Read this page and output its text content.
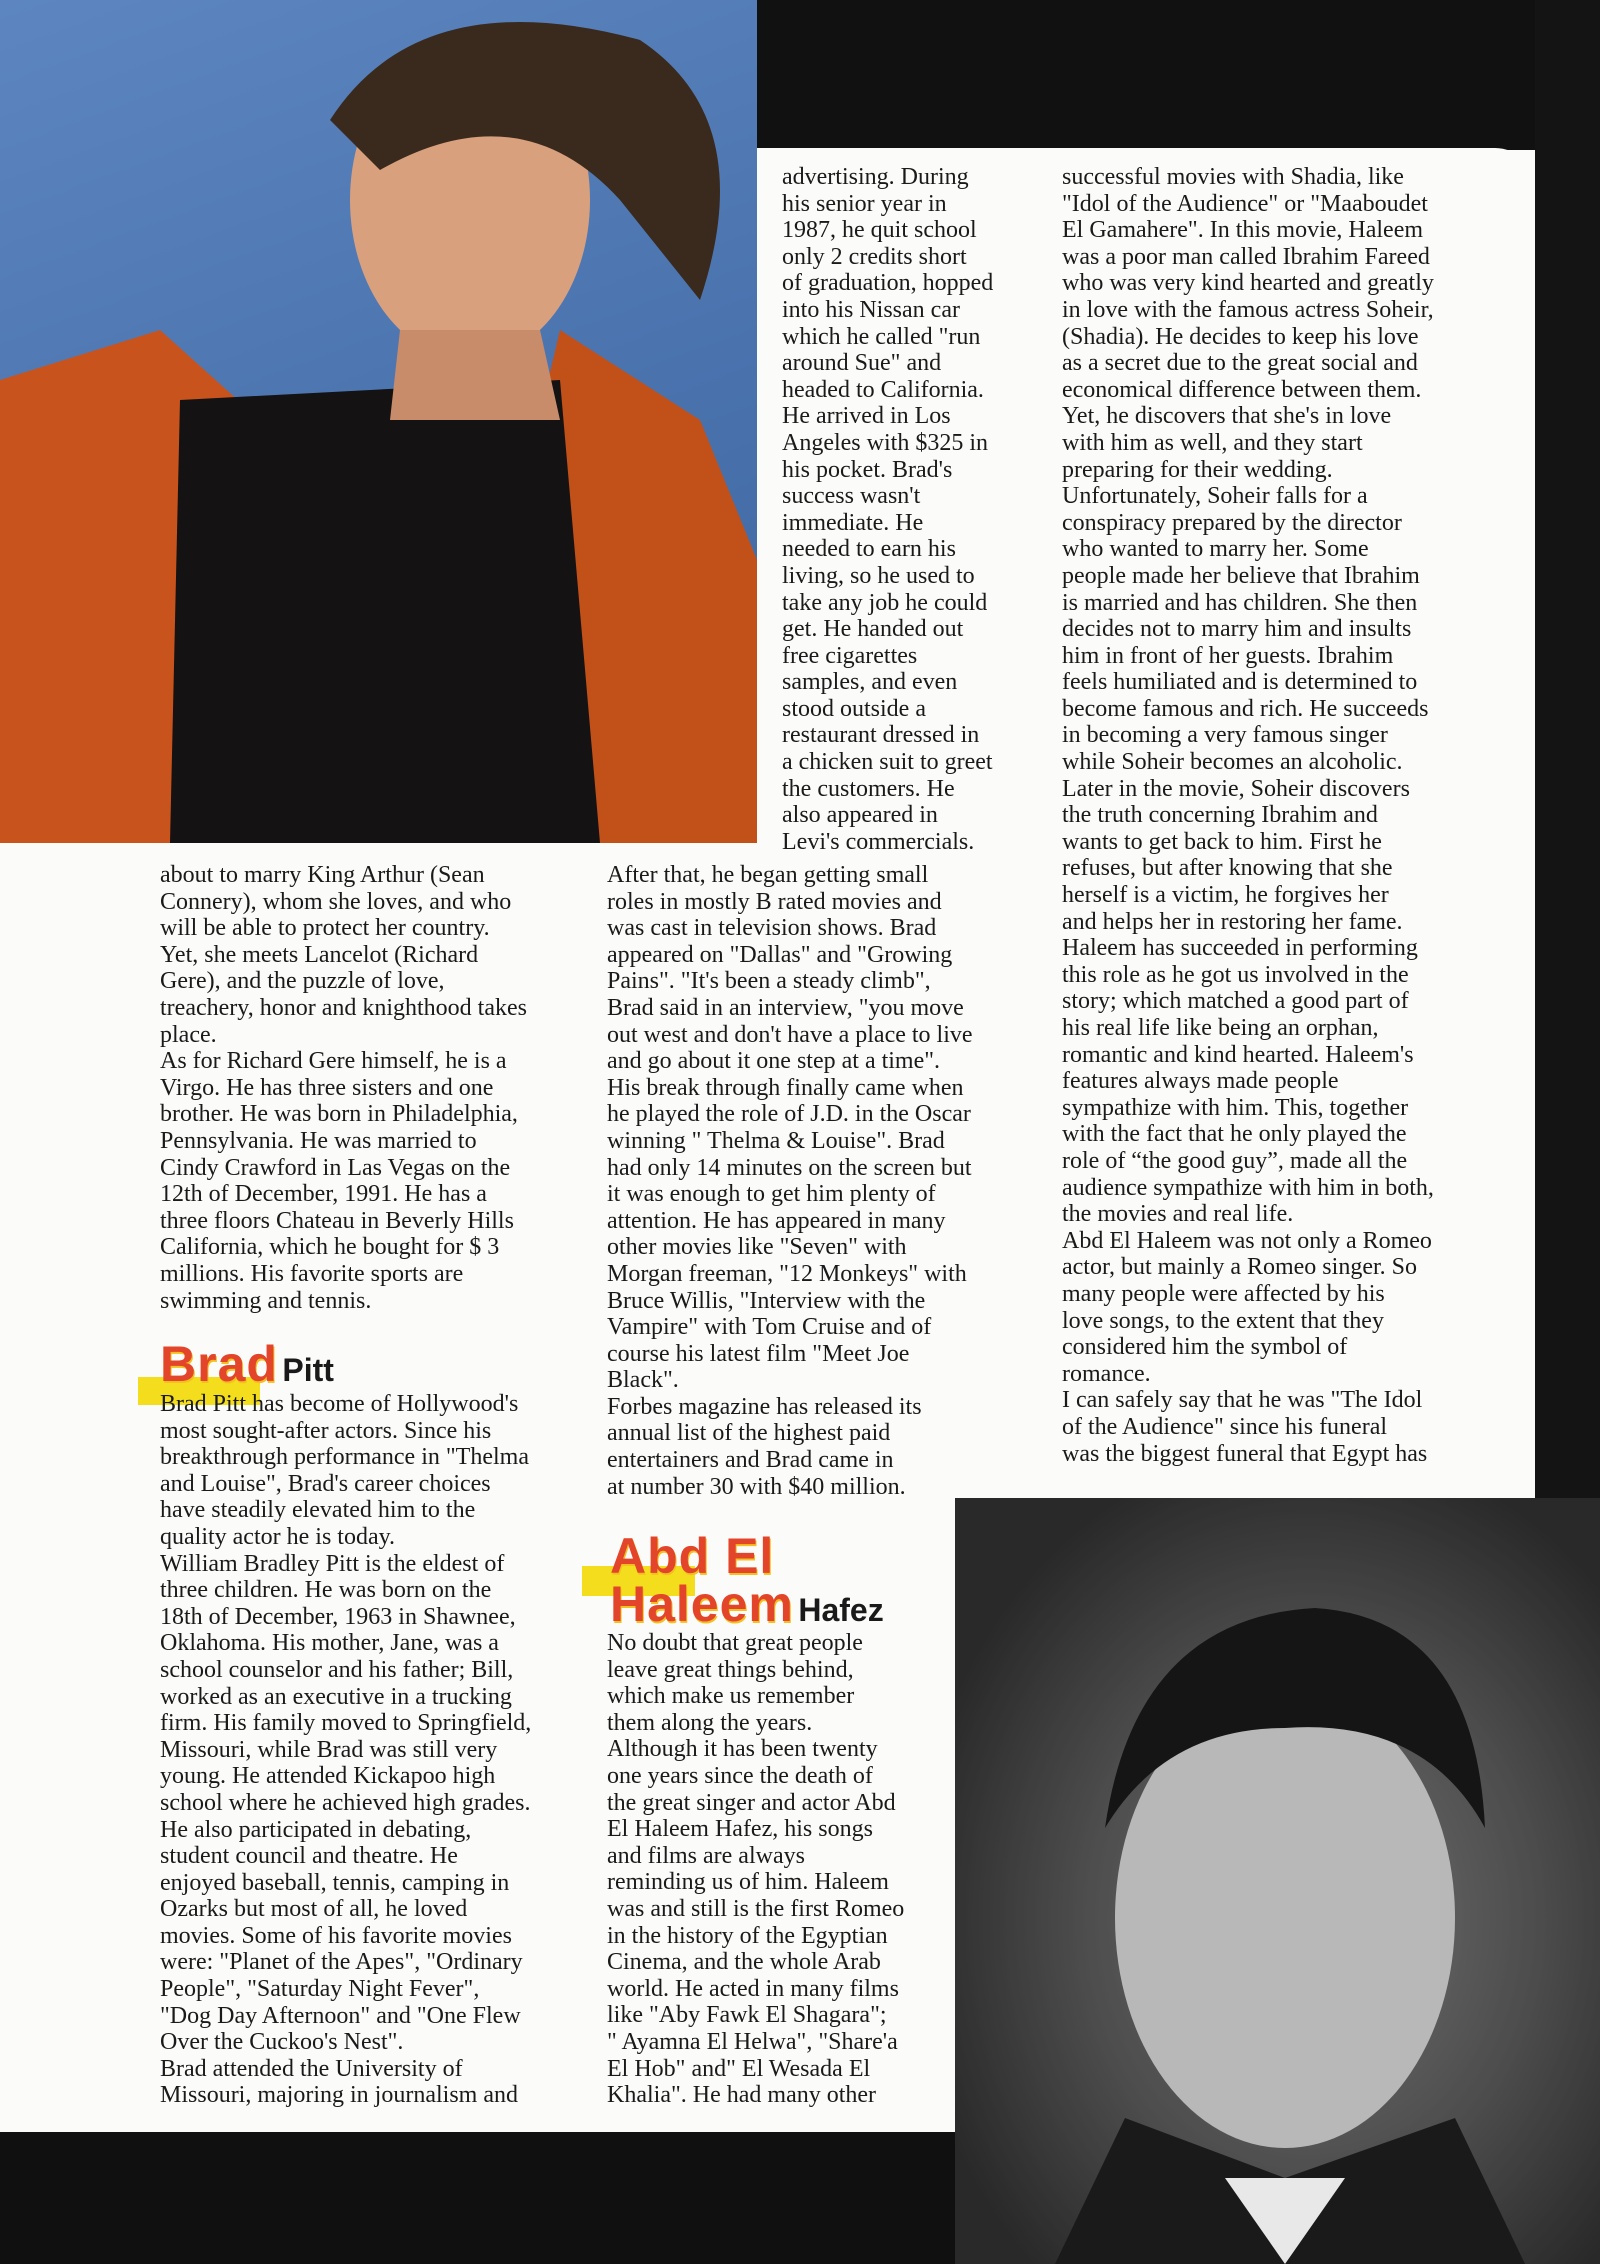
about to marry King Arthur (Sean
Connery), whom she loves, and who
will be able to protect her country.
Yet, she meets Lancelot (Richard
Gere), and the puzzle of love,
treachery, honor and knighthood takes
place.
As for Richard Gere himself, he is a
Virgo. He has three sisters and one
brother. He was born in Philadelphia,
Pennsylvania. He was married to
Cindy Crawford in Las Vegas on the
12th of December, 1991. He has a
three floors Chateau in Beverly Hills
California, which he bought for $ 3
millions. His favorite sports are
swimming and tennis.
Brad Pitt
Brad Pitt has become of Hollywood's
most sought-after actors. Since his
breakthrough performance in "Thelma
and Louise", Brad's career choices
have steadily elevated him to the
quality actor he is today.
William Bradley Pitt is the eldest of
three children. He was born on the
18th of December, 1963 in Shawnee,
Oklahoma. His mother, Jane, was a
school counselor and his father; Bill,
worked as an executive in a trucking
firm. His family moved to Springfield,
Missouri, while Brad was still very
young. He attended Kickapoo high
school where he achieved high grades.
He also participated in debating,
student council and theatre. He
enjoyed baseball, tennis, camping in
Ozarks but most of all, he loved
movies. Some of his favorite movies
were: "Planet of the Apes", "Ordinary
People", "Saturday Night Fever",
"Dog Day Afternoon" and "One Flew
Over the Cuckoo's Nest".
Brad attended the University of
Missouri, majoring in journalism and
advertising. During
his senior year in
1987, he quit school
only 2 credits short
of graduation, hopped
into his Nissan car
which he called "run
around Sue" and
headed to California.
He arrived in Los
Angeles with $325 in
his pocket. Brad's
success wasn't
immediate. He
needed to earn his
living, so he used to
take any job he could
get. He handed out
free cigarettes
samples, and even
stood outside a
restaurant dressed in
a chicken suit to greet
the customers. He
also appeared in
Levi's commercials.
After that, he began getting small
roles in mostly B rated movies and
was cast in television shows. Brad
appeared on "Dallas" and "Growing
Pains". "It's been a steady climb",
Brad said in an interview, "you move
out west and don't have a place to live
and go about it one step at a time".
His break through finally came when
he played the role of J.D. in the Oscar
winning " Thelma & Louise". Brad
had only 14 minutes on the screen but
it was enough to get him plenty of
attention. He has appeared in many
other movies like "Seven" with
Morgan freeman, "12 Monkeys" with
Bruce Willis, "Interview with the
Vampire" with Tom Cruise and of
course his latest film "Meet Joe
Black".
Forbes magazine has released its
annual list of the highest paid
entertainers and Brad came in
at number 30 with $40 million.
Abd El
Haleem Hafez
No doubt that great people
leave great things behind,
which make us remember
them along the years.
Although it has been twenty
one years since the death of
the great singer and actor Abd
El Haleem Hafez, his songs
and films are always
reminding us of him. Haleem
was and still is the first Romeo
in the history of the Egyptian
Cinema, and the whole Arab
world. He acted in many films
like "Aby Fawk El Shagara";
" Ayamna El Helwa", "Share'a
El Hob" and" El Wesada El
Khalia". He had many other
successful movies with Shadia, like
"Idol of the Audience" or "Maaboudet
El Gamahere". In this movie, Haleem
was a poor man called Ibrahim Fareed
who was very kind hearted and greatly
in love with the famous actress Soheir,
(Shadia). He decides to keep his love
as a secret due to the great social and
economical difference between them.
Yet, he discovers that she's in love
with him as well, and they start
preparing for their wedding.
Unfortunately, Soheir falls for a
conspiracy prepared by the director
who wanted to marry her. Some
people made her believe that Ibrahim
is married and has children. She then
decides not to marry him and insults
him in front of her guests. Ibrahim
feels humiliated and is determined to
become famous and rich. He succeeds
in becoming a very famous singer
while Soheir becomes an alcoholic.
Later in the movie, Soheir discovers
the truth concerning Ibrahim and
wants to get back to him. First he
refuses, but after knowing that she
herself is a victim, he forgives her
and helps her in restoring her fame.
Haleem has succeeded in performing
this role as he got us involved in the
story; which matched a good part of
his real life like being an orphan,
romantic and kind hearted. Haleem's
features always made people
sympathize with him. This, together
with the fact that he only played the
role of “the good guy”, made all the
audience sympathize with him in both,
the movies and real life.
Abd El Haleem was not only a Romeo
actor, but mainly a Romeo singer. So
many people were affected by his
love songs, to the extent that they
considered him the symbol of
romance.
I can safely say that he was "The Idol
of the Audience" since his funeral
was the biggest funeral that Egypt has
